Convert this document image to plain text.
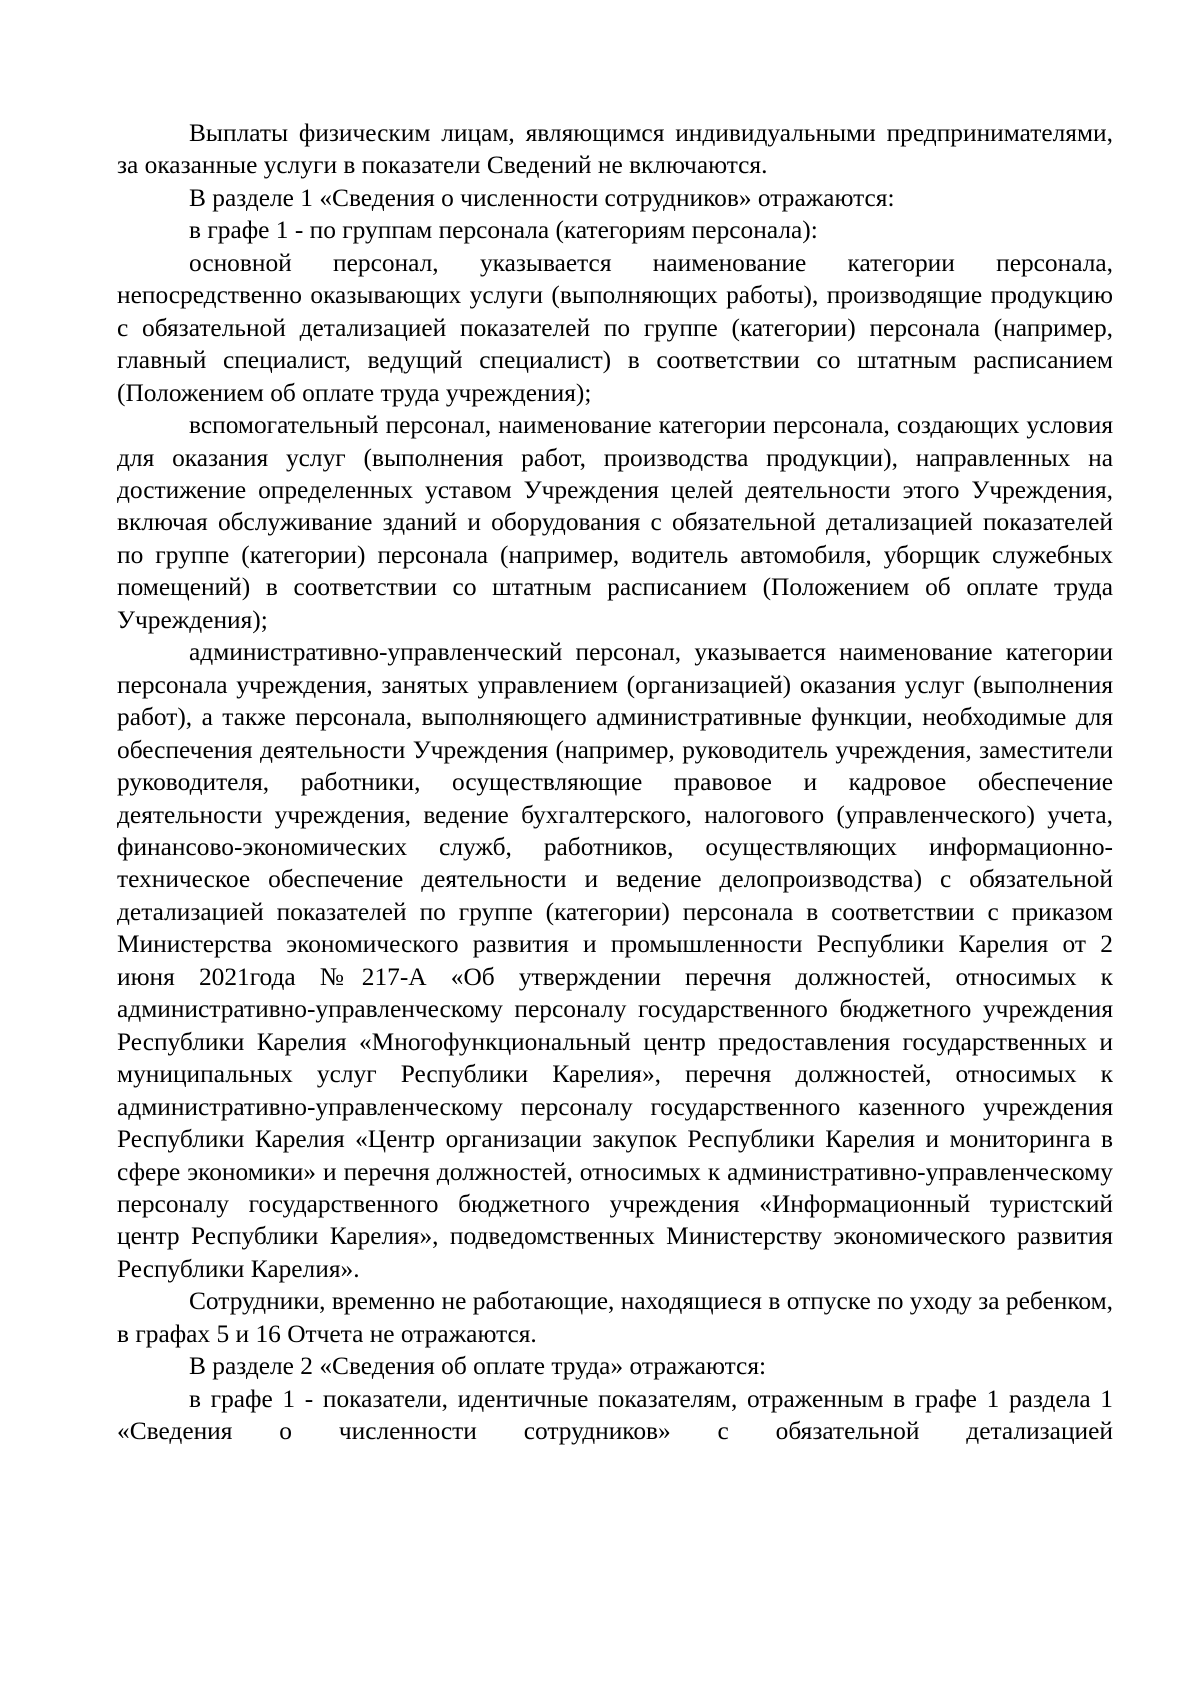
Выплаты физическим лицам, являющимся индивидуальными предпринимателями, за оказанные услуги в показатели Сведений не включаются.

В разделе 1 «Сведения о численности сотрудников» отражаются:

в графе 1 - по группам персонала (категориям персонала):

основной персонал, указывается наименование категории персонала, непосредственно оказывающих услуги (выполняющих работы), производящие продукцию с обязательной детализацией показателей по группе (категории) персонала (например, главный специалист, ведущий специалист) в соответствии со штатным расписанием (Положением об оплате труда учреждения);

вспомогательный персонал, наименование категории персонала, создающих условия для оказания услуг (выполнения работ, производства продукции), направленных на достижение определенных уставом Учреждения целей деятельности этого Учреждения, включая обслуживание зданий и оборудования с обязательной детализацией показателей по группе (категории) персонала (например, водитель автомобиля, уборщик служебных помещений) в соответствии со штатным расписанием (Положением об оплате труда Учреждения);

административно-управленческий персонал, указывается наименование категории персонала учреждения, занятых управлением (организацией) оказания услуг (выполнения работ), а также персонала, выполняющего административные функции, необходимые для обеспечения деятельности Учреждения (например, руководитель учреждения, заместители руководителя, работники, осуществляющие правовое и кадровое обеспечение деятельности учреждения, ведение бухгалтерского, налогового (управленческого) учета, финансово-экономических служб, работников, осуществляющих информационно-техническое обеспечение деятельности и ведение делопроизводства) с обязательной детализацией показателей по группе (категории) персонала в соответствии с приказом Министерства экономического развития и промышленности Республики Карелия от 2 июня 2021года №217-А «Об утверждении перечня должностей, относимых к административно-управленческому персоналу государственного бюджетного учреждения Республики Карелия «Многофункциональный центр предоставления государственных и муниципальных услуг Республики Карелия», перечня должностей, относимых к административно-управленческому персоналу государственного казенного учреждения Республики Карелия «Центр организации закупок Республики Карелия и мониторинга в сфере экономики» и перечня должностей, относимых к административно-управленческому персоналу государственного бюджетного учреждения «Информационный туристский центр Республики Карелия», подведомственных Министерству экономического развития Республики Карелия».

Сотрудники, временно не работающие, находящиеся в отпуске по уходу за ребенком, в графах 5 и 16 Отчета не отражаются.

В разделе 2 «Сведения об оплате труда» отражаются:

в графе 1 - показатели, идентичные показателям, отраженным в графе 1 раздела 1 «Сведения о численности сотрудников» с обязательной детализацией
